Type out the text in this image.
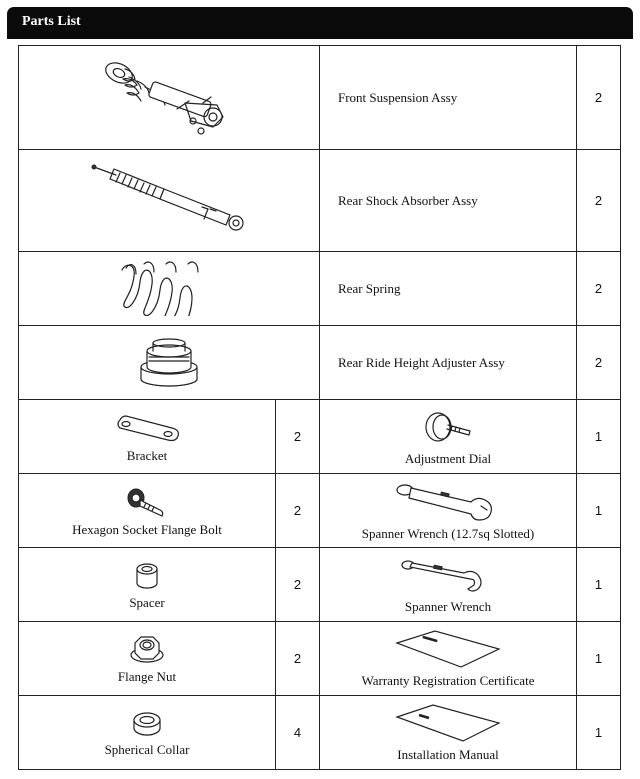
Parts List
	Front Suspension Assy	2
	Rear Shock Absorber Assy	2
	Rear Spring	2
	Rear Ride Height Adjuster Assy	2

Bracket	2	Adjustment Dial	1

Hexagon Socket Flange Bolt	2	Spanner Wrench (12.7sq Slotted)	1

Spacer	2	Spanner Wrench	1

Flange Nut	2	Warranty Registration Certificate	1

Spherical Collar	4	Installation Manual	1
